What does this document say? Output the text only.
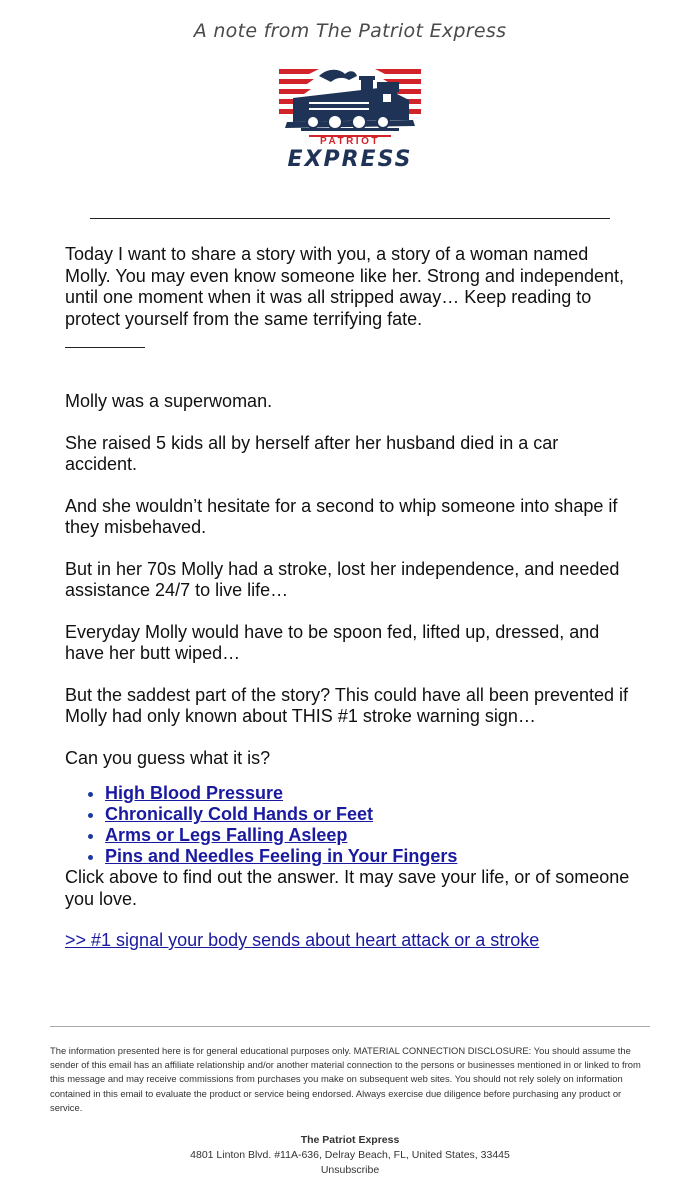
A note from The Patriot Express
PATRIOT
EXPRESS

Today I want to share a story with you, a story of a woman named Molly. You may even know someone like her. Strong and independent, until one moment when it was all stripped away… Keep reading to protect yourself from the same terrifying fate.

Molly was a superwoman.

She raised 5 kids all by herself after her husband died in a car accident.

And she wouldn’t hesitate for a second to whip someone into shape if they misbehaved.

But in her 70s Molly had a stroke, lost her independence, and needed assistance 24/7 to live life…

Everyday Molly would have to be spoon fed, lifted up, dressed, and have her butt wiped…

But the saddest part of the story? This could have all been prevented if Molly had only known about THIS #1 stroke warning sign…

Can you guess what it is?

• High Blood Pressure
• Chronically Cold Hands or Feet
• Arms or Legs Falling Asleep
• Pins and Needles Feeling in Your Fingers

Click above to find out the answer. It may save your life, or of someone you love.

>> #1 signal your body sends about heart attack or a stroke
The information presented here is for general educational purposes only. MATERIAL CONNECTION DISCLOSURE: You should assume the sender of this email has an affiliate relationship and/or another material connection to the persons or businesses mentioned in or linked to from this message and may receive commissions from purchases you make on subsequent web sites. You should not rely solely on information contained in this email to evaluate the product or service being endorsed. Always exercise due diligence before purchasing any product or service.
The Patriot Express
4801 Linton Blvd. #11A-636, Delray Beach, FL, United States, 33445
Unsubscribe
